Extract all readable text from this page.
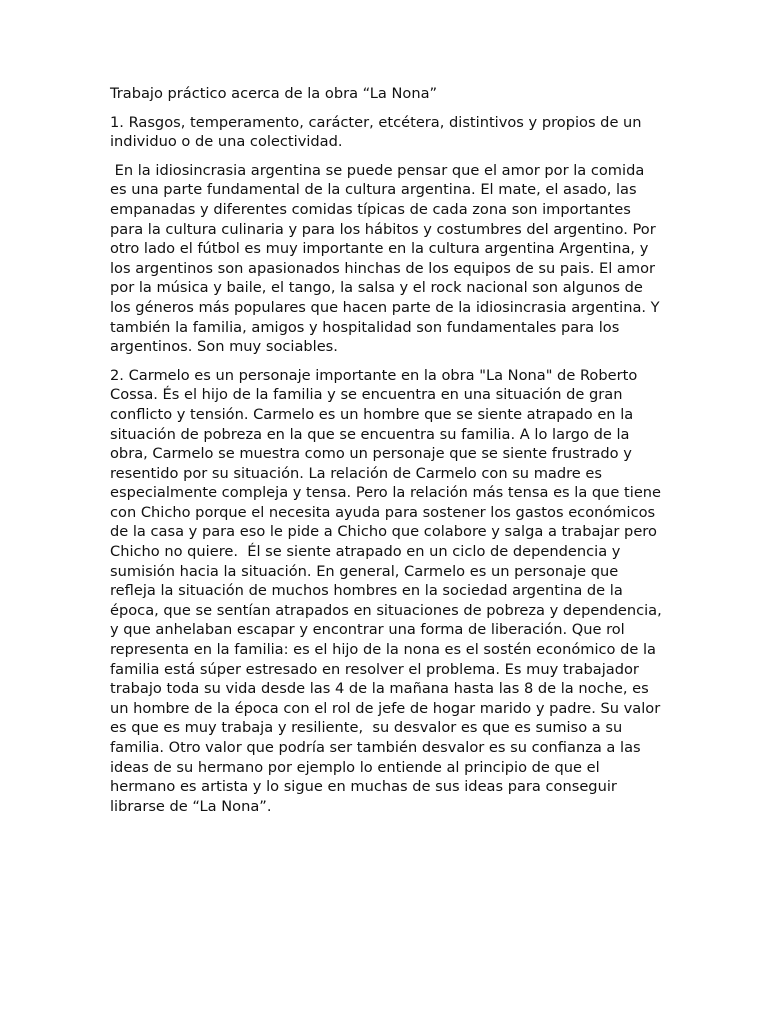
Trabajo práctico acerca de la obra “La Nona”

1. Rasgos, temperamento, carácter, etcétera, distintivos y propios de un individuo o de una colectividad.

En la idiosincrasia argentina se puede pensar que el amor por la comida es una parte fundamental de la cultura argentina. El mate, el asado, las empanadas y diferentes comidas típicas de cada zona son importantes para la cultura culinaria y para los hábitos y costumbres del argentino. Por otro lado el fútbol es muy importante en la cultura argentina Argentina, y los argentinos son apasionados hinchas de los equipos de su pais. El amor por la música y baile, el tango, la salsa y el rock nacional son algunos de los géneros más populares que hacen parte de la idiosincrasia argentina. Y también la familia, amigos y hospitalidad son fundamentales para los argentinos. Son muy sociables.

2. Carmelo es un personaje importante en la obra "La Nona" de Roberto Cossa. És el hijo de la familia y se encuentra en una situación de gran conflicto y tensión. Carmelo es un hombre que se siente atrapado en la situación de pobreza en la que se encuentra su familia. A lo largo de la obra, Carmelo se muestra como un personaje que se siente frustrado y resentido por su situación. La relación de Carmelo con su madre es especialmente compleja y tensa. Pero la relación más tensa es la que tiene con Chicho porque el necesita ayuda para sostener los gastos económicos de la casa y para eso le pide a Chicho que colabore y salga a trabajar pero Chicho no quiere.  Él se siente atrapado en un ciclo de dependencia y sumisión hacia la situación. En general, Carmelo es un personaje que refleja la situación de muchos hombres en la sociedad argentina de la época, que se sentían atrapados en situaciones de pobreza y dependencia, y que anhelaban escapar y encontrar una forma de liberación. Que rol representa en la familia: es el hijo de la nona es el sostén económico de la familia está súper estresado en resolver el problema. Es muy trabajador trabajo toda su vida desde las 4 de la mañana hasta las 8 de la noche, es un hombre de la época con el rol de jefe de hogar marido y padre. Su valor es que es muy trabaja y resiliente,  su desvalor es que es sumiso a su familia. Otro valor que podría ser también desvalor es su confianza a las ideas de su hermano por ejemplo lo entiende al principio de que el hermano es artista y lo sigue en muchas de sus ideas para conseguir librarse de “La Nona”.
